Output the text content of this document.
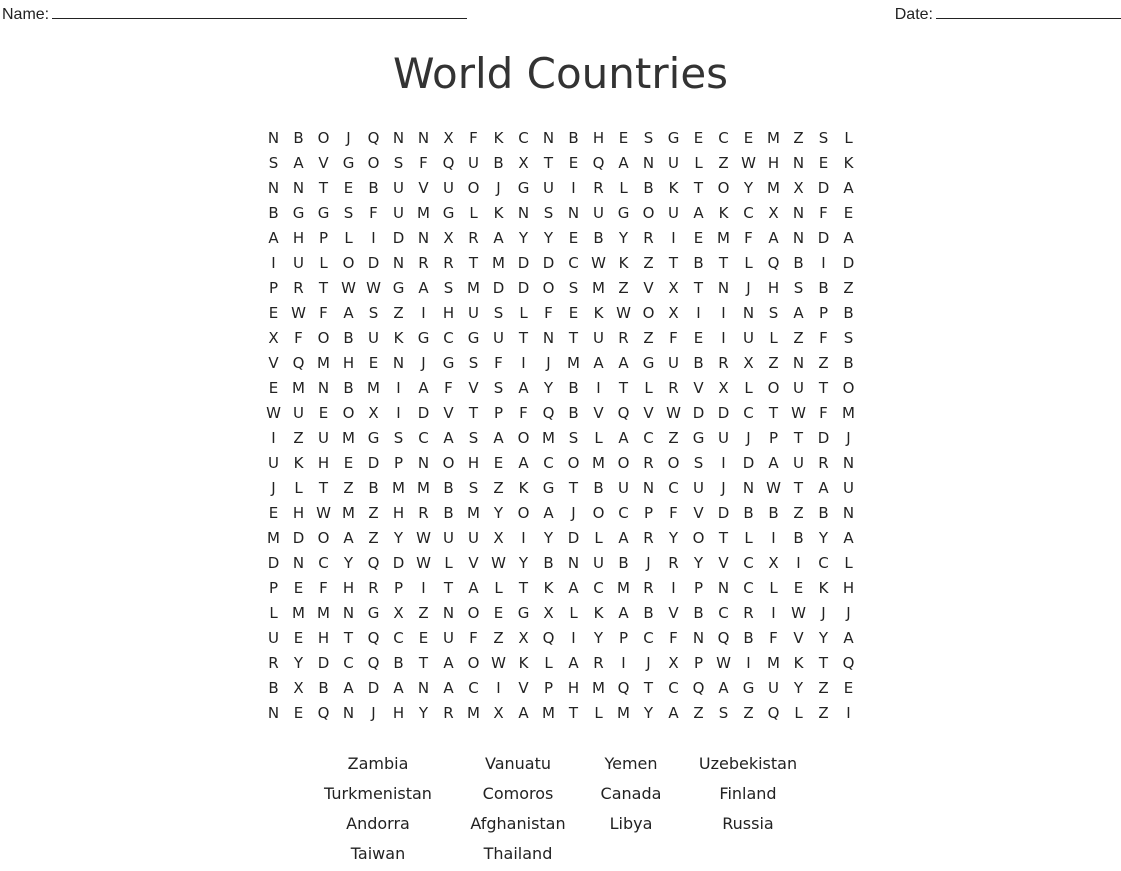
Name:	Date:
World Countries
N B O	J	Q N N X	F	K C N B H E	S G E	C	E M Z	S	L
S	A V G O S	F Q U B X	T	E Q A N U	L	Z W H N E	K
N N T	E	B U V U O	J	G U	I	R	L	B K	T O Y M X D A
B G G S	F	U M G	L	K N S N U G O U A K C X N	F	E
A H P	L	I	D N X R A	Y	Y	E	B	Y	R	I	E M F	A N D A
I	U	L O D N R R	T M D D C W K Z	T	B	T	L Q B	I	D
P	R	T W W G A	S M D D O S M Z V X	T N	J	H S	B Z
E W F	A	S	Z	I	H U S	L	F	E	K W O X	I	I	N S	A	P	B
X	F O B U K G C G U T N T U R Z	F	E	I	U	L	Z	F	S
V Q M H E N	J	G S	F	I	J	M A A G U B R X Z N Z B
E M N B M	I	A	F	V	S	A	Y	B	I	T	L	R V X	L O U T O
W U E O X	I	D V	T	P	F Q B V Q V W D D C	T W F M
I	Z U M G S C A	S	A O M S	L	A C Z G U	J	P	T D	J
U K H E D P N O H E	A C O M O R O S	I	D A U R N
J	L	T	Z B M M B	S	Z K G T	B U N C U	J	N W T	A U
E H W M Z H R B M Y O A	J	O C	P	F	V D B B Z B N
M D O A Z	Y W U U X	I	Y D	L	A R	Y O T	L	I	B	Y	A
D N C	Y Q D W L	V W Y	B N U B	J	R	Y	V C X	I	C	L
P	E	F	H R	P	I	T	A	L	T	K A C M R	I	P N C	L	E	K H
L M M N G X Z N O E G X	L	K A B V B C R	I	W	J	J
U E H T Q C	E U	F	Z X Q	I	Y	P	C	F	N Q B	F	V	Y	A
R	Y D C Q B	T	A O W K	L	A R	I	J	X	P W	I	M K	T Q
B X B A D A N A C	I	V	P H M Q T	C Q A G U Y	Z	E
N E Q N	J	H Y	R M X A M T	L M Y	A Z	S	Z Q L	Z	I
Zambia	Vanuatu	Yemen	Uzebekistan
Turkmenistan	Comoros	Canada	Finland
Andorra	Afghanistan	Libya	Russia
Taiwan	Thailand
